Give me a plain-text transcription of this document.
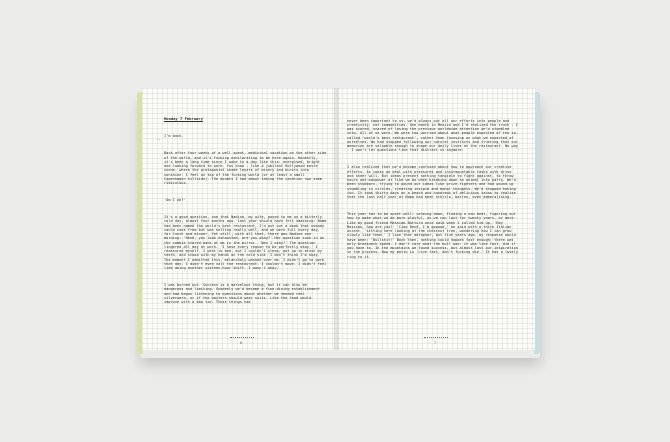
··

Monday 7 February

I'm back.

Back after four weeks of a well spent, medicinal vacation on the other side of the world, and it's fucking exhilarating to be here again. Honestly, it's been a long time since I woke to a day like this: energised, bright and looking forward to work. You know - like a jubilant Hollywood movie scene, where the protagonist shade layers of misery and bursts into sunshine. I feel on top of the fucking world (or at least a small Copenhagen hillside). The doubts I had about taking the vacation now seem ridiculous.

'Am I ok?'

It's a good question, one that Nadine, my wife, posed to me on a bitterly cold day, almost four months ago. Last year should have felt smashing: Noma had been named the world's best restaurant, I'd put out a book that nobody could cook from but was selling really well, and we were full every day, for lunch and dinner. Yet still, with all that, there was Nadine one morning: 'René, you look exhausted, are you okay?' Her question sunk in as the zombie stared back at me in the mirror. 'Was I okay?' The question lingered all day at work. 'I have every reason to be perfectly okay,' I reassured myself. I went to bed, but I couldn't sleep, got up to brush my teeth, and stood with my hands on the cold sink 'I don't think I'm okay.' The moment I admitted this, melancholy washed over me. I didn't go to work that day. I didn't even call the restaurant. I couldn't move. I didn't feel like doing another sixteen-hour shift. I wasn't okay.

I was burned out. Success is a marvelous thing, but it can also be dangerous and limiting. Suddenly we'd become a fine-dining establishment and had begun listening to questions about whether we needed real silverware, or if the waiters should wear suits. Like the food would improve with a bow tie. Those things had

6

never been important to us; we'd always put all our efforts into people and creativity, not commodities. One month in Mexico and I'd realized the truth - I was scared, scared of losing the previous worldwide attention we'd stumbled into. All of us were. We were too worried about what people expected of the so-called 'world's best restaurant', rather than focusing on what we expected of ourselves. We had stopped following our natural instincts and trusting that our memories are valuable enough to shape our daily lives at the restaurant. No way - I won't let questions like that distract us anymore.

I also realized that we'd become confused about how to approach our creative efforts. As cooks we deal with pressures and insurmountable tasks with drive and sheer will. But ideas present nothing tangible to fight against, to throw hours and manpower at like we do when breaking down an animal into parts. We'd been stubborn, trying to pound out ideas like prize-fighters and had wound up stumbling in circles, creating insipid and banal thoughts. We'd stopped having fun. It took thirty days on a beach and hundreds of delicious tacos to realise that the last half-year at Noma had been sterile, barren, even demoralising.

This year has to be spent well: calming down, finding a new beat, figuring out how to make what we do more playful, as we can last for twenty years, or more. Like my good friend Massimo Bottura once said when I called him up, 'Hey Massimo, how are you?' 'Ciao René, I'm gooood,' he said with a thick Italian accent, 'sitting here looking at the chestnut tree, wondering how I can grow slowly like them.' I love that metaphor, but five years ago, my response would have been: 'Bullshit!' Back then, nothing could happen fast enough; there was only breakneck speed. I don't care what the bull was: it was like fast, did if you have to. In the mountains we found success, but almost lost our inspiration in the process. Now my motto is 'Live fast, don't fucking die.' It has a lovely ring to it.

7
